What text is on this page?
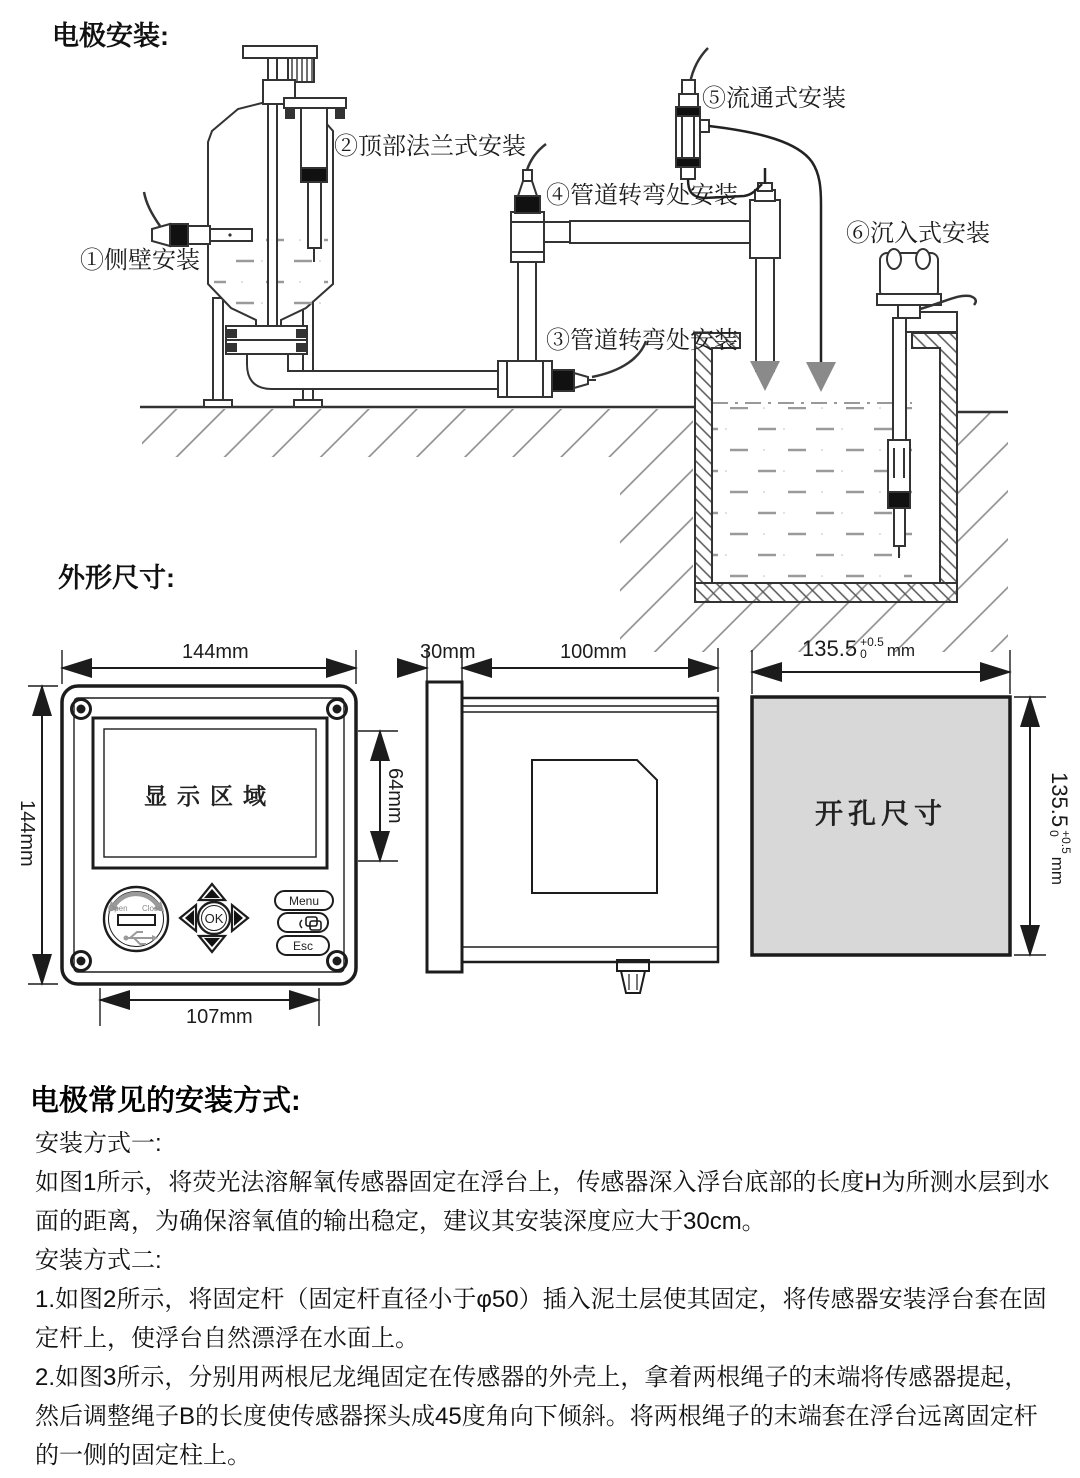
电极安装:
①侧壁安装
②顶部法兰式安装
④管道转弯处安装
③管道转弯处安装
⑤流通式安装
⑥沉入式安装
外形尺寸:
144mm
144mm
显示区域	64mm
Open Close
OK
Menu
Esc
107mm
30mm	100mm	135.5 +0.5
0	mm
开孔尺寸	135.5
+0.5
0
mm
电极常见的安装方式:

安装方式一:

如图1所示，将荧光法溶解氧传感器固定在浮台上，传感器深入浮台底部的长度H为所测水层到水面的距离，为确保溶氧值的输出稳定，建议其安装深度应大于30cm。

安装方式二:

1.如图2所示，将固定杆（固定杆直径小于φ50）插入泥土层使其固定，将传感器安装浮台套在固定杆上，使浮台自然漂浮在水面上。

2.如图3所示，分别用两根尼龙绳固定在传感器的外壳上，拿着两根绳子的末端将传感器提起，然后调整绳子B的长度使传感器探头成45度角向下倾斜。将两根绳子的末端套在浮台远离固定杆的一侧的固定柱上。
